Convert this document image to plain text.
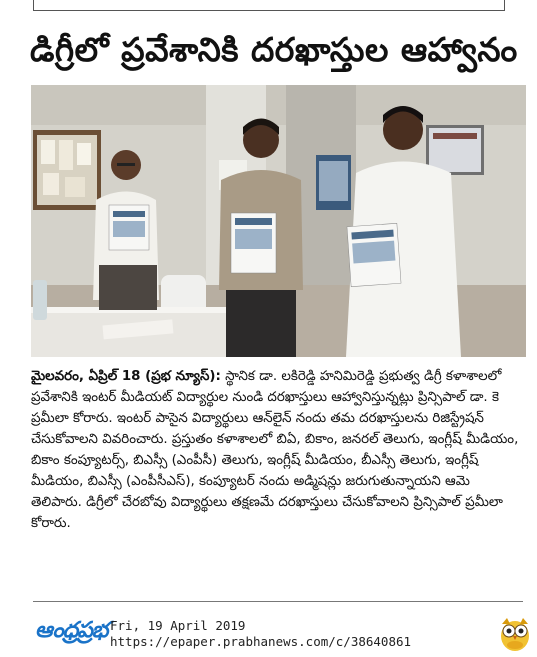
డిగ్రీలో ప్రవేశానికి దరఖాస్తుల ఆహ్వానం
మైలవరం, ఏప్రిల్ 18 (ప్రభ న్యూస్): స్థానిక డా. లకిరెడ్డి హనిమిరెడ్డి ప్రభుత్వ డిగ్రీ కళాశాలలో ప్రవేశానికి ఇంటర్ మీడియట్ విద్యార్థుల నుండి దరఖాస్తులు ఆహ్వానిస్తున్నట్లు ప్రిన్సిపాల్ డా. కె ప్రమీలా కోరారు. ఇంటర్ పాసైన విద్యార్థులు ఆన్‌లైన్ నందు తమ దరఖాస్తులను రిజిస్ట్రేషన్ చేసుకోవాలని వివరించారు. ప్రస్తుతం కళాశాలలో బిఏ, బికాం, జనరల్ తెలుగు, ఇంగ్లీష్ మీడియం, బికాం కంప్యూటర్స్, బిఎస్సీ (ఎంపీసీ) తెలుగు, ఇంగ్లీష్ మీడియం, బీఎస్సీ తెలుగు, ఇంగ్లీష్ మీడియం, బిఎస్సీ (ఎంపీసీఎస్), కంప్యూటర్ నందు అడ్మిషన్లు జరుగుతున్నాయని ఆమె తెలిపారు. డిగ్రీలో చేరబోవు విద్యార్థులు తక్షణమే దరఖాస్తులు చేసుకోవాలని ప్రిన్సిపాల్ ప్రమీలా కోరారు.
ఆంధ్రప్రభ Fri, 19 April 2019
https://epaper.prabhanews.com/c/38640861
